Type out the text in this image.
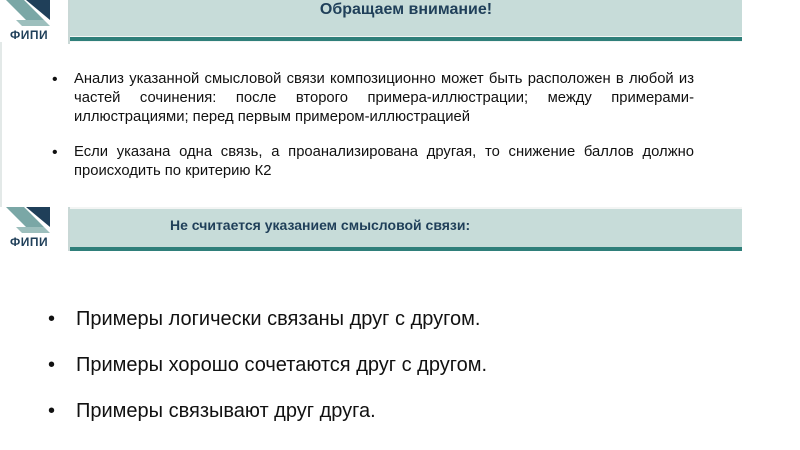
ФИПИ
Обращаем внимание!
• Анализ указанной смысловой связи композиционно может быть расположен в любой из частей сочинения: после второго примера-иллюстрации; между примерами-иллюстрациями; перед первым примером-иллюстрацией
• Если указана одна связь, а проанализирована другая, то снижение баллов должно происходить по критерию К2
ФИПИ
Не считается указанием смысловой связи:
• Примеры логически связаны друг с другом.
• Примеры хорошо сочетаются друг с другом.
• Примеры связывают друг друга.
